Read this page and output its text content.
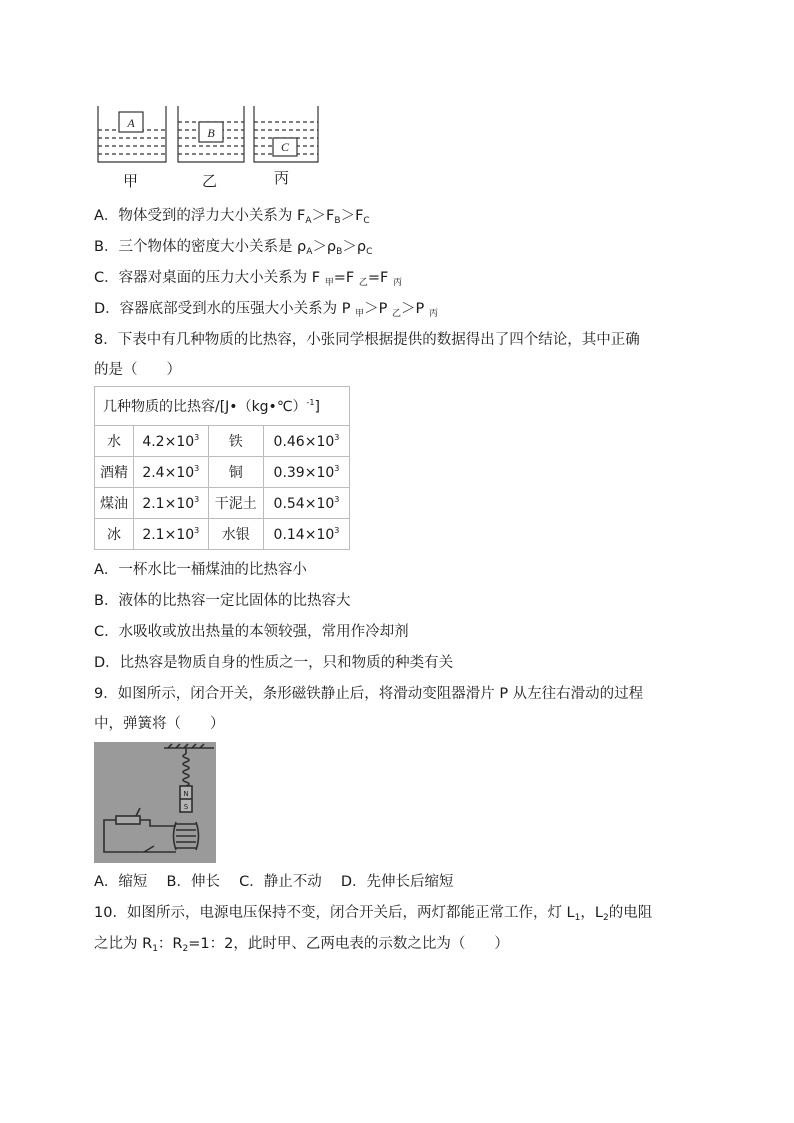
A
B
C
甲	乙	丙
A．物体受到的浮力大小关系为 $F_A>F_B>F_C$
B．三个物体的密度大小关系是 $\rho_A>\rho_B>\rho_C$
C．容器对桌面的压力大小关系为 F $_甲$=F $_乙$=F $_丙$
D．容器底部受到水的压强大小关系为 P $_甲$＞P $_乙$＞P $_丙$
8．下表中有几种物质的比热容，小张同学根据提供的数据得出了四个结论，其中正确
的是（　　）
几种物质的比热容/[J•（kg•℃）$^{-1}$]			
水	$4.2\times 10^3$	铁	$0.46\times 10^3$
酒精	$2.4\times 10^3$	铜	$0.39\times 10^3$
煤油	$2.1\times 10^3$	干泥土	$0.54\times 10^3$
冰	$2.1\times 10^3$	水银	$0.14\times 10^3$
A．一杯水比一桶煤油的比热容小
B．液体的比热容一定比固体的比热容大
C．水吸收或放出热量的本领较强，常用作冷却剂
D．比热容是物质自身的性质之一，只和物质的种类有关
9．如图所示，闭合开关，条形磁铁静止后，将滑动变阻器滑片 P 从左往右滑动的过程
中，弹簧将（　　）
N
S
A．缩短　 B．伸长　 C．静止不动　 D．先伸长后缩短
10．如图所示，电源电压保持不变，闭合开关后，两灯都能正常工作，灯 $L_1$，$L_2$的电阻
之比为 $R_1$：$R_2=1$：2，此时甲、乙两电表的示数之比为（　　）
